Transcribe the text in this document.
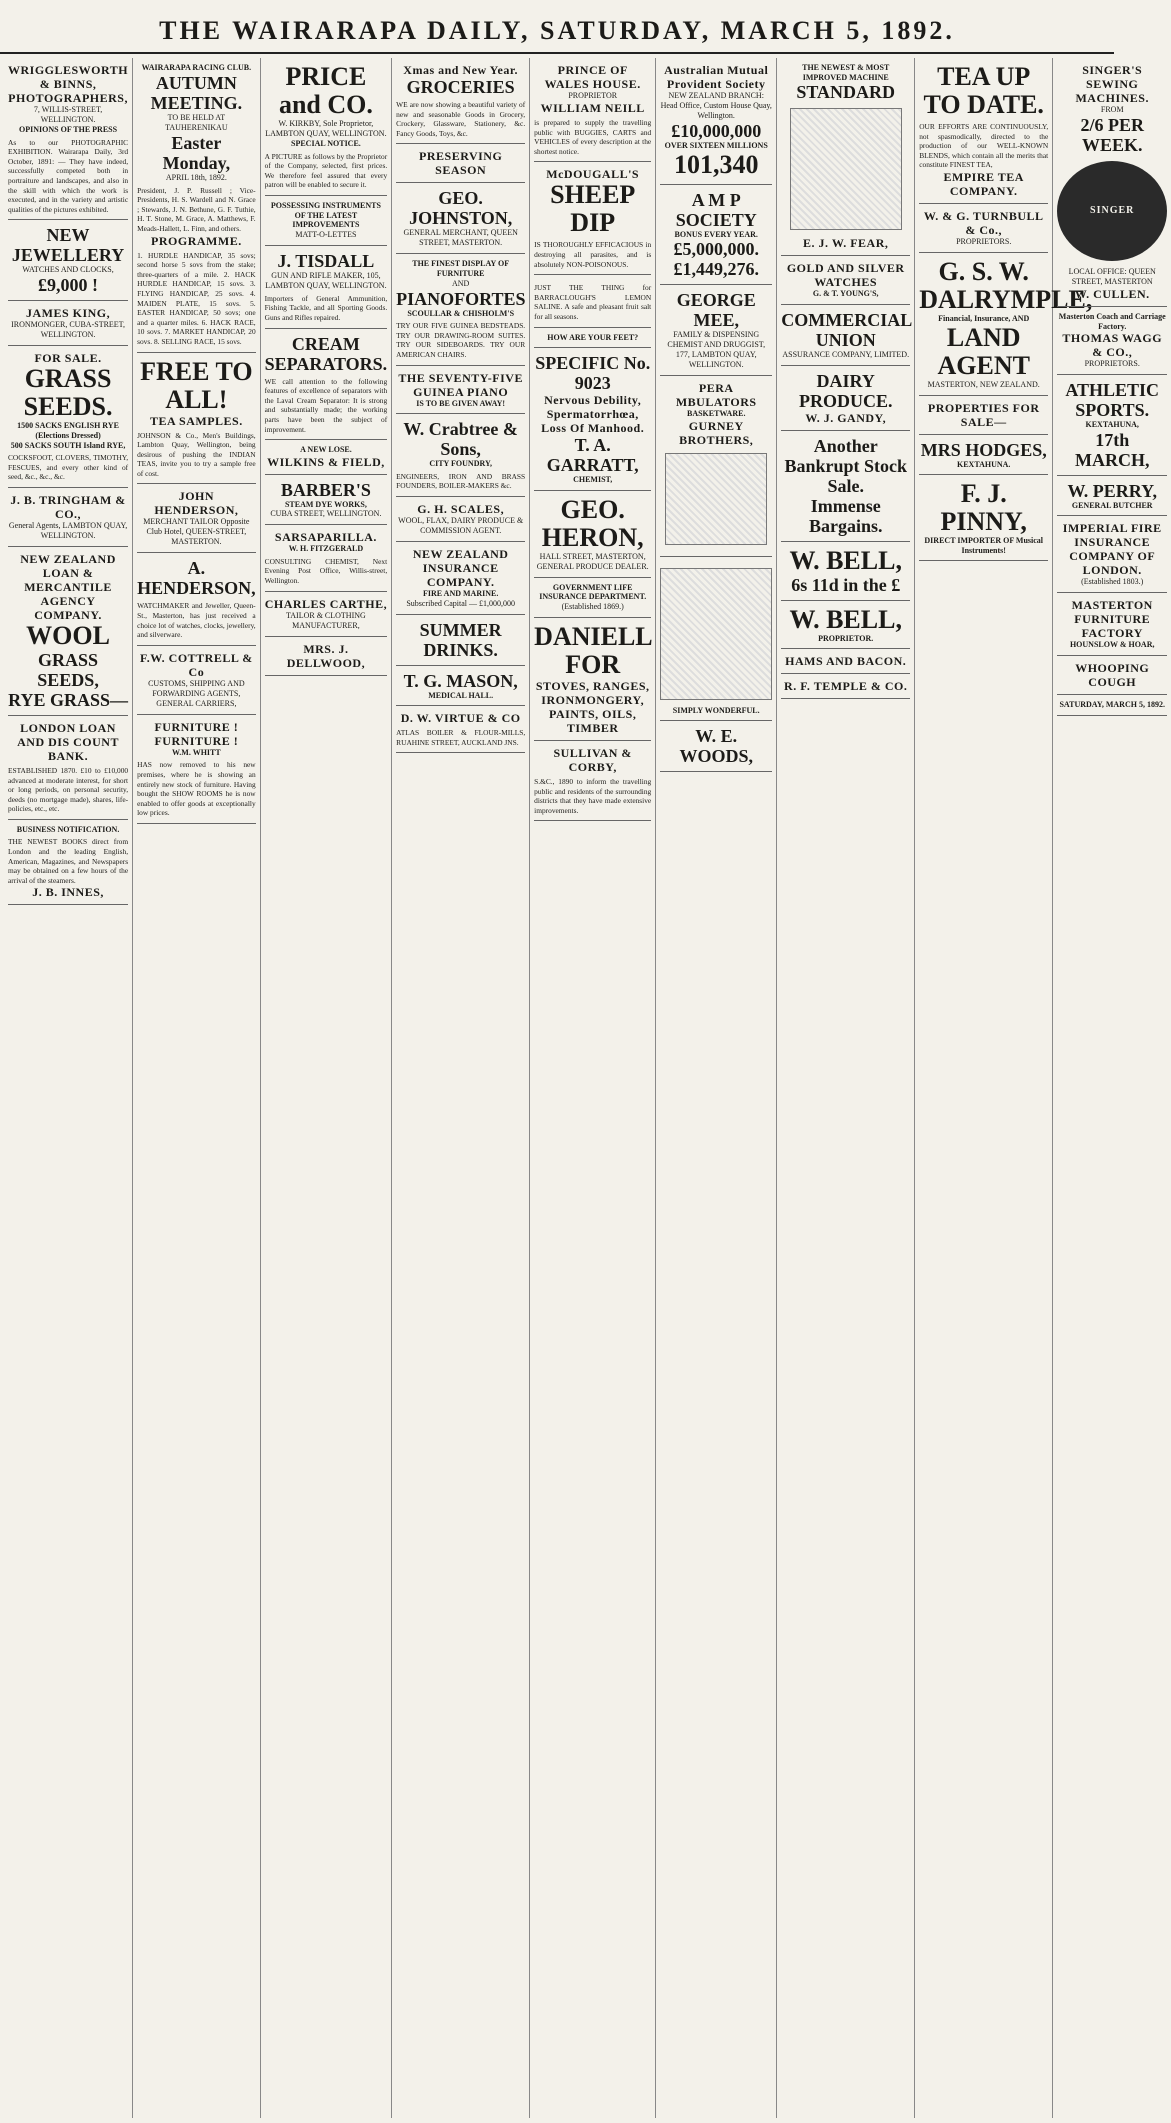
THE WAIRARAPA DAILY, SATURDAY, MARCH 5, 1892.
WRIGGLESWORTH & BINNS, PHOTOGRAPHERS,
7, WILLIS-STREET, WELLINGTON.
OPINIONS OF THE PRESS

As to our PHOTOGRAPHIC EXHIBITION. Wairarapa Daily, 3rd October, 1891: — They have indeed, successfully competed both in portraiture and landscapes, and also in the skill with which the work is executed, and in the variety and artistic qualities of the pictures exhibited.

NEW JEWELLERY
WATCHES AND CLOCKS,
£9,000 !
JAMES KING,
IRONMONGER, CUBA-STREET, WELLINGTON.
FOR SALE.
GRASS SEEDS.
1500 SACKS ENGLISH RYE (Elections Dressed)
500 SACKS SOUTH Island RYE,

COCKSFOOT, CLOVERS, TIMOTHY, FESCUES, and every other kind of seed, &c., &c., &c.

J. B. TRINGHAM & CO.,
General Agents, LAMBTON QUAY, WELLINGTON.
NEW ZEALAND LOAN & MERCANTILE AGENCY COMPANY.
WOOL
GRASS SEEDS,
RYE GRASS—
LONDON LOAN AND DIS COUNT BANK.

ESTABLISHED 1870. £10 to £10,000 advanced at moderate interest, for short or long periods, on personal security, deeds (no mortgage made), shares, life-policies, etc., etc.

BUSINESS NOTIFICATION.

THE NEWEST BOOKS direct from London and the leading English, American, Magazines, and Newspapers may be obtained on a few hours of the arrival of the steamers.

J. B. INNES,
WAIRARAPA RACING CLUB.
AUTUMN MEETING.
TO BE HELD AT TAUHERENIKAU
Easter Monday,
APRIL 18th, 1892.

President, J. P. Russell ; Vice-Presidents, H. S. Wardell and N. Grace ; Stewards, J. N. Bethune, G. F. Tuthie, H. T. Stone, M. Grace, A. Matthews, F. Meads-Hallett, L. Finn, and others.

PROGRAMME.

1. HURDLE HANDICAP, 35 sovs; second horse 5 sovs from the stake; three-quarters of a mile. 2. HACK HURDLE HANDICAP, 15 sovs. 3. FLYING HANDICAP, 25 sovs. 4. MAIDEN PLATE, 15 sovs. 5. EASTER HANDICAP, 50 sovs; one and a quarter miles. 6. HACK RACE, 10 sovs. 7. MARKET HANDICAP, 20 sovs. 8. SELLING RACE, 15 sovs.

FREE TO ALL!
TEA SAMPLES.

JOHNSON & Co., Men's Buildings, Lambton Quay, Wellington, being desirous of pushing the INDIAN TEAS, invite you to try a sample free of cost.

JOHN HENDERSON,
MERCHANT TAILOR Opposite Club Hotel, QUEEN-STREET, MASTERTON.
A. HENDERSON,

WATCHMAKER and Jeweller, Queen-St., Masterton, has just received a choice lot of watches, clocks, jewellery, and silverware.

F.W. COTTRELL & Co
CUSTOMS, SHIPPING AND FORWARDING AGENTS, GENERAL CARRIERS,
FURNITURE ! FURNITURE !
W.M. WHITT

HAS now removed to his new premises, where he is showing an entirely new stock of furniture. Having bought the SHOW ROOMS he is now enabled to offer goods at exceptionally low prices.

PRICE and CO.
W. KIRKBY, Sole Proprietor, LAMBTON QUAY, WELLINGTON.
SPECIAL NOTICE.

A PICTURE as follows by the Proprietor of the Company, selected, first prices. We therefore feel assured that every patron will be enabled to secure it.

POSSESSING INSTRUMENTS OF THE LATEST IMPROVEMENTS
MATT-O-LETTES
J. TISDALL
GUN AND RIFLE MAKER, 105, LAMBTON QUAY, WELLINGTON.

Importers of General Ammunition, Fishing Tackle, and all Sporting Goods. Guns and Rifles repaired.

CREAM SEPARATORS.

WE call attention to the following features of excellence of separators with the Laval Cream Separator: It is strong and substantially made; the working parts have been the subject of improvement.

A NEW LOSE.
WILKINS & FIELD,
BARBER'S
STEAM DYE WORKS,
CUBA STREET, WELLINGTON.
SARSAPARILLA.
W. H. FITZGERALD

CONSULTING CHEMIST, Next Evening Post Office, Willis-street, Wellington.

CHARLES CARTHE,
TAILOR & CLOTHING MANUFACTURER,
MRS. J. DELLWOOD,
Xmas and New Year.
GROCERIES

WE are now showing a beautiful variety of new and seasonable Goods in Grocery, Crockery, Glassware, Stationery, &c. Fancy Goods, Toys, &c.

PRESERVING SEASON
GEO. JOHNSTON,
GENERAL MERCHANT, QUEEN STREET, MASTERTON.
THE FINEST DISPLAY OF FURNITURE
AND
PIANOFORTES
SCOULLAR & CHISHOLM'S

TRY OUR FIVE GUINEA BEDSTEADS. TRY OUR DRAWING-ROOM SUITES. TRY OUR SIDEBOARDS. TRY OUR AMERICAN CHAIRS.

THE SEVENTY-FIVE GUINEA PIANO
IS TO BE GIVEN AWAY!
W. Crabtree & Sons,
CITY FOUNDRY,

ENGINEERS, IRON AND BRASS FOUNDERS, BOILER-MAKERS &c.

G. H. SCALES,
WOOL, FLAX, DAIRY PRODUCE & COMMISSION AGENT.
NEW ZEALAND INSURANCE COMPANY.
FIRE AND MARINE.
Subscribed Capital — £1,000,000
SUMMER DRINKS.
T. G. MASON,
MEDICAL HALL.
D. W. VIRTUE & CO

ATLAS BOILER & FLOUR-MILLS, RUAHINE STREET, AUCKLAND JNS.

PRINCE OF WALES HOUSE.
PROPRIETOR
WILLIAM NEILL

is prepared to supply the travelling public with BUGGIES, CARTS and VEHICLES of every description at the shortest notice.

McDOUGALL'S
SHEEP DIP

IS THOROUGHLY EFFICACIOUS in destroying all parasites, and is absolutely NON-POISONOUS.

JUST THE THING for BARRACLOUGH'S LEMON SALINE. A safe and pleasant fruit salt for all seasons.

HOW ARE YOUR FEET?
SPECIFIC No. 9023
Nervous Debility, Spermatorrhœa, Loss Of Manhood.
T. A. GARRATT,
CHEMIST,
GEO. HERON,
HALL STREET, MASTERTON, GENERAL PRODUCE DEALER.
GOVERNMENT LIFE INSURANCE DEPARTMENT.
(Established 1869.)
DANIELL FOR
STOVES, RANGES, IRONMONGERY, PAINTS, OILS, TIMBER
SULLIVAN & CORBY,

S.&C., 1890 to inform the travelling public and residents of the surrounding districts that they have made extensive improvements.

Australian Mutual Provident Society
NEW ZEALAND BRANCH: Head Office, Custom House Quay, Wellington.
£10,000,000
OVER SIXTEEN MILLIONS
101,340
A M P SOCIETY
BONUS EVERY YEAR.
£5,000,000.
£1,449,276.
GEORGE MEE,
FAMILY & DISPENSING CHEMIST AND DRUGGIST, 177, LAMBTON QUAY, WELLINGTON.
PERA MBULATORS
BASKETWARE.
GURNEY BROTHERS,
SIMPLY WONDERFUL.
W. E. WOODS,
THE NEWEST & MOST IMPROVED MACHINE
STANDARD
E. J. W. FEAR,
GOLD AND SILVER WATCHES
G. & T. YOUNG'S,
COMMERCIAL UNION
ASSURANCE COMPANY, LIMITED.
DAIRY PRODUCE.
W. J. GANDY,
Another Bankrupt Stock Sale.
Immense Bargains.
W. BELL,
6s 11d in the £
W. BELL,
PROPRIETOR.
HAMS AND BACON.
R. F. TEMPLE & CO.
TEA UP TO DATE.

OUR EFFORTS ARE CONTINUOUSLY, not spasmodically, directed to the production of our WELL-KNOWN BLENDS, which contain all the merits that constitute FINEST TEA,

EMPIRE TEA COMPANY.
W. & G. TURNBULL & Co.,
PROPRIETORS.
G. S. W. DALRYMPLE,
Financial, Insurance, AND
LAND AGENT
MASTERTON, NEW ZEALAND.
PROPERTIES FOR SALE—
MRS HODGES,
KEXTAHUNA.
F. J. PINNY,
DIRECT IMPORTER OF Musical Instruments!
SINGER'S SEWING MACHINES.
FROM
2/6 PER WEEK.
SINGER
LOCAL OFFICE: QUEEN STREET, MASTERTON
W. CULLEN.
Masterton Coach and Carriage Factory.
THOMAS WAGG & CO.,
PROPRIETORS.
ATHLETIC SPORTS.
KEXTAHUNA,
17th MARCH,
W. PERRY,
GENERAL BUTCHER
IMPERIAL FIRE INSURANCE COMPANY OF LONDON.
(Established 1803.)
MASTERTON FURNITURE FACTORY
HOUNSLOW & HOAR,
WHOOPING COUGH
SATURDAY, MARCH 5, 1892.
